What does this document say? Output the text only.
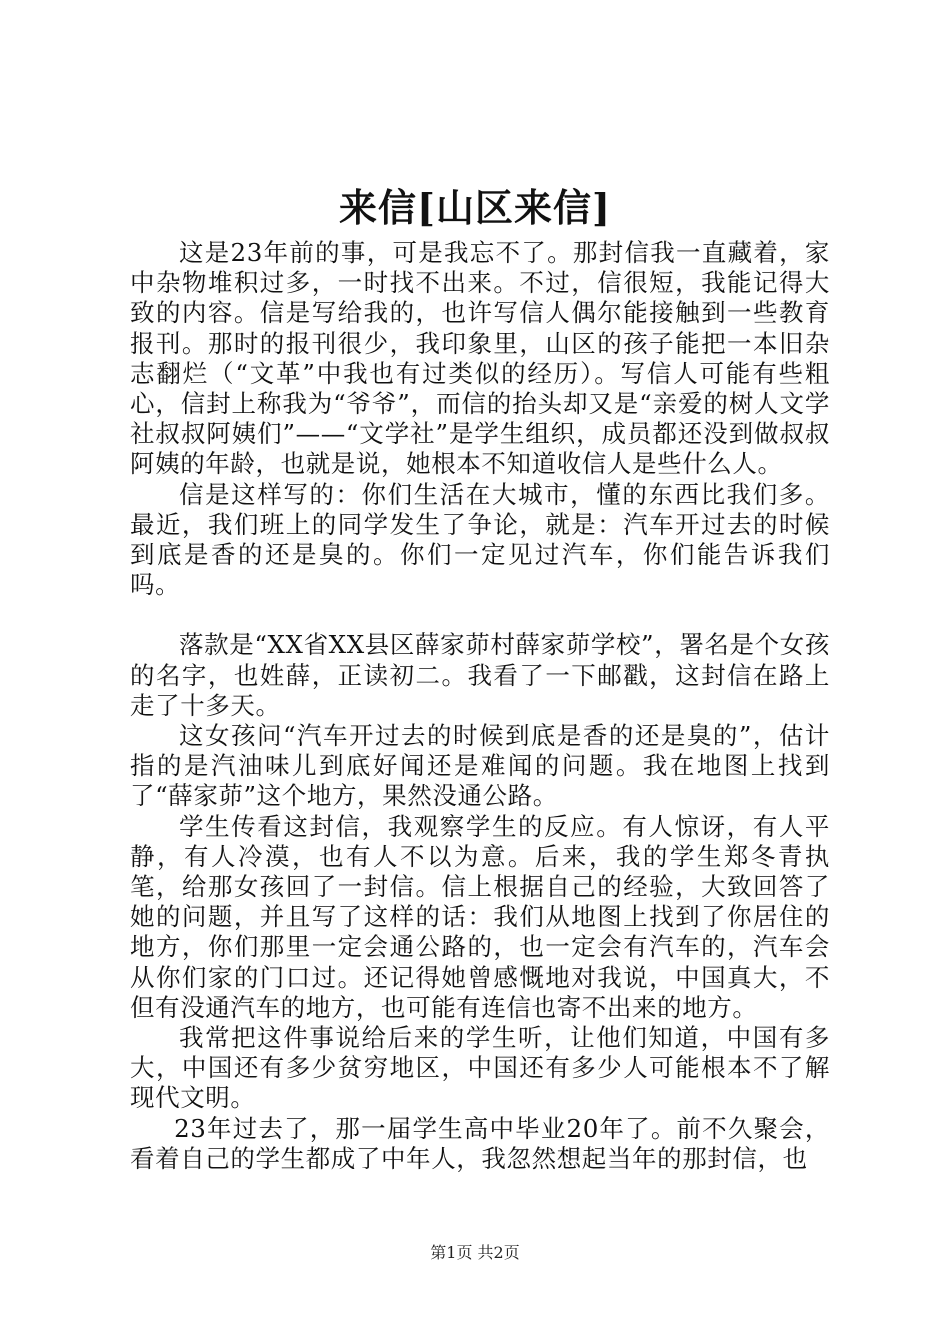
来信[山区来信]

这是23年前的事，可是我忘不了。那封信我一直藏着，家中杂物堆积过多，一时找不出来。不过，信很短，我能记得大致的内容。信是写给我的，也许写信人偶尔能接触到一些教育报刊。那时的报刊很少，我印象里，山区的孩子能把一本旧杂志翻烂（“文革”中我也有过类似的经历）。写信人可能有些粗心，信封上称我为“爷爷”，而信的抬头却又是“亲爱的树人文学社叔叔阿姨们”——“文学社”是学生组织，成员都还没到做叔叔阿姨的年龄，也就是说，她根本不知道收信人是些什么人。

信是这样写的：你们生活在大城市，懂的东西比我们多。最近，我们班上的同学发生了争论，就是：汽车开过去的时候到底是香的还是臭的。你们一定见过汽车，你们能告诉我们吗。

落款是“XX省XX县区薛家茆村薛家茆学校”，署名是个女孩的名字，也姓薛，正读初二。我看了一下邮戳，这封信在路上走了十多天。

这女孩问“汽车开过去的时候到底是香的还是臭的”，估计指的是汽油味儿到底好闻还是难闻的问题。我在地图上找到了“薛家茆”这个地方，果然没通公路。

学生传看这封信，我观察学生的反应。有人惊讶，有人平静，有人冷漠，也有人不以为意。后来，我的学生郑冬青执笔，给那女孩回了一封信。信上根据自己的经验，大致回答了她的问题，并且写了这样的话：我们从地图上找到了你居住的地方，你们那里一定会通公路的，也一定会有汽车的，汽车会从你们家的门口过。还记得她曾感慨地对我说，中国真大，不但有没通汽车的地方，也可能有连信也寄不出来的地方。

我常把这件事说给后来的学生听，让他们知道，中国有多大，中国还有多少贫穷地区，中国还有多少人可能根本不了解现代文明。

23年过去了，那一届学生高中毕业20年了。前不久聚会，看着自己的学生都成了中年人，我忽然想起当年的那封信，也

第1页 共2页
